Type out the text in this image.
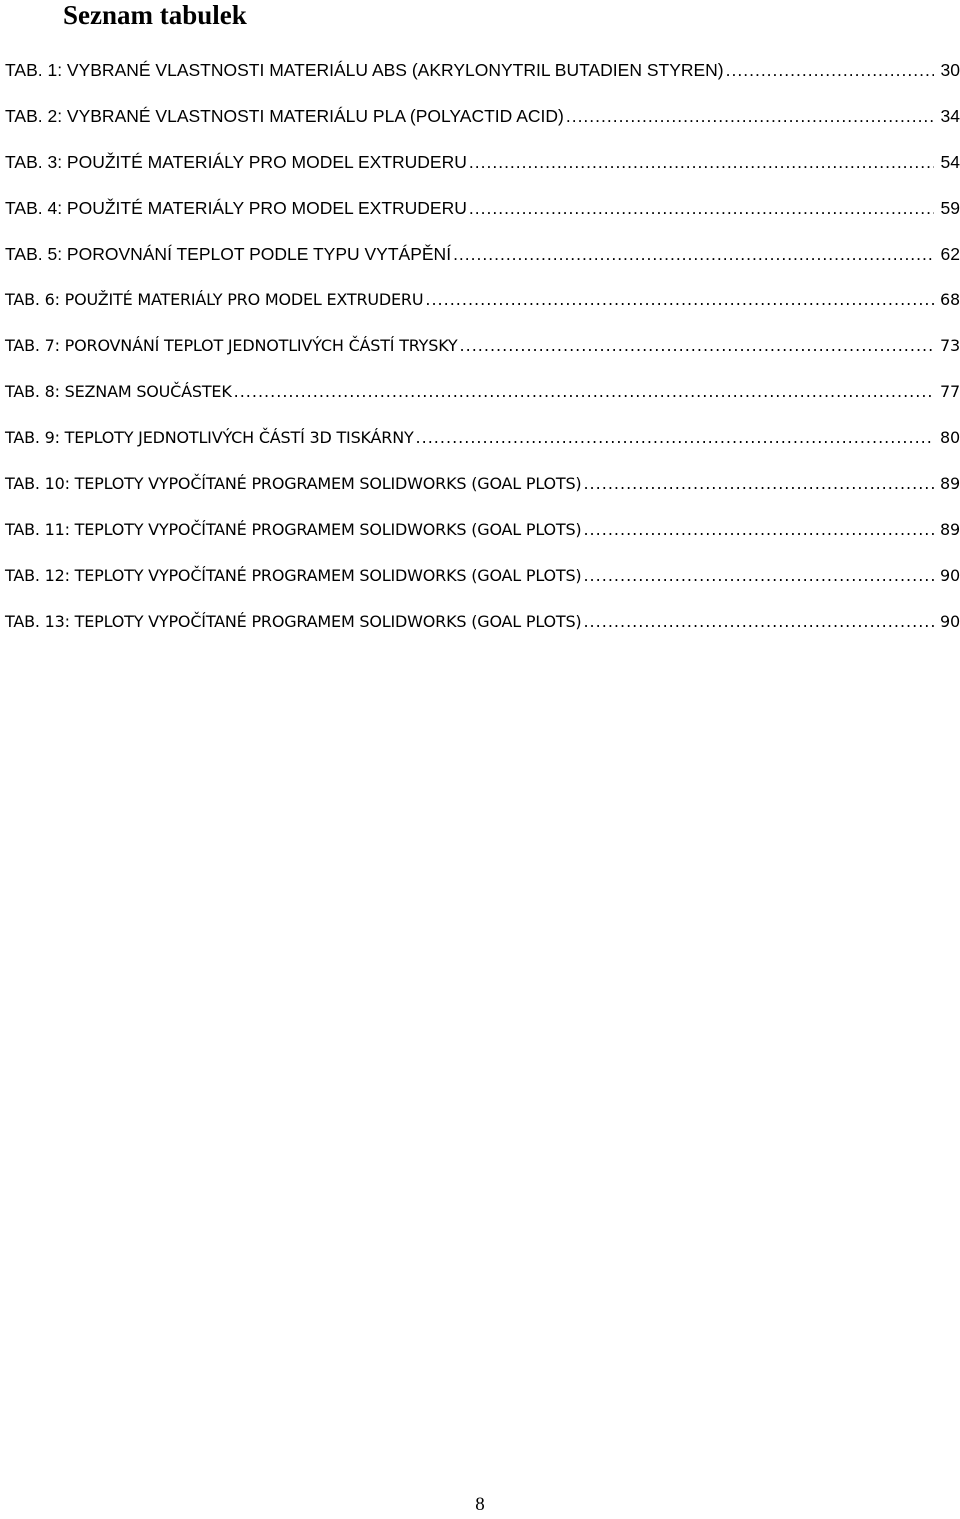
Seznam tabulek
TAB. 1: VYBRANÉ VLASTNOSTI MATERIÁLU ABS (AKRYLONYTRIL BUTADIEN STYREN) .....	30
TAB. 2: VYBRANÉ VLASTNOSTI MATERIÁLU PLA (POLYACTID ACID) .....	34
TAB. 3: POUŽITÉ MATERIÁLY PRO MODEL EXTRUDERU .....	54
TAB. 4: POUŽITÉ MATERIÁLY PRO MODEL EXTRUDERU .....	59
TAB. 5: POROVNÁNÍ TEPLOT PODLE TYPU VYTÁPĚNÍ .....	62
TAB. 6: POUŽITÉ MATERIÁLY PRO MODEL EXTRUDERU .....	68
TAB. 7: POROVNÁNÍ TEPLOT JEDNOTLIVÝCH ČÁSTÍ TRYSKY .....	73
TAB. 8: SEZNAM SOUČÁSTEK .....	77
TAB. 9: TEPLOTY JEDNOTLIVÝCH ČÁSTÍ 3D TISKÁRNY .....	80
TAB. 10: TEPLOTY VYPOČÍTANÉ PROGRAMEM SOLIDWORKS (GOAL PLOTS) .....	89
TAB. 11: TEPLOTY VYPOČÍTANÉ PROGRAMEM SOLIDWORKS (GOAL PLOTS) .....	89
TAB. 12: TEPLOTY VYPOČÍTANÉ PROGRAMEM SOLIDWORKS (GOAL PLOTS) .....	90
TAB. 13: TEPLOTY VYPOČÍTANÉ PROGRAMEM SOLIDWORKS (GOAL PLOTS) .....	90
8
